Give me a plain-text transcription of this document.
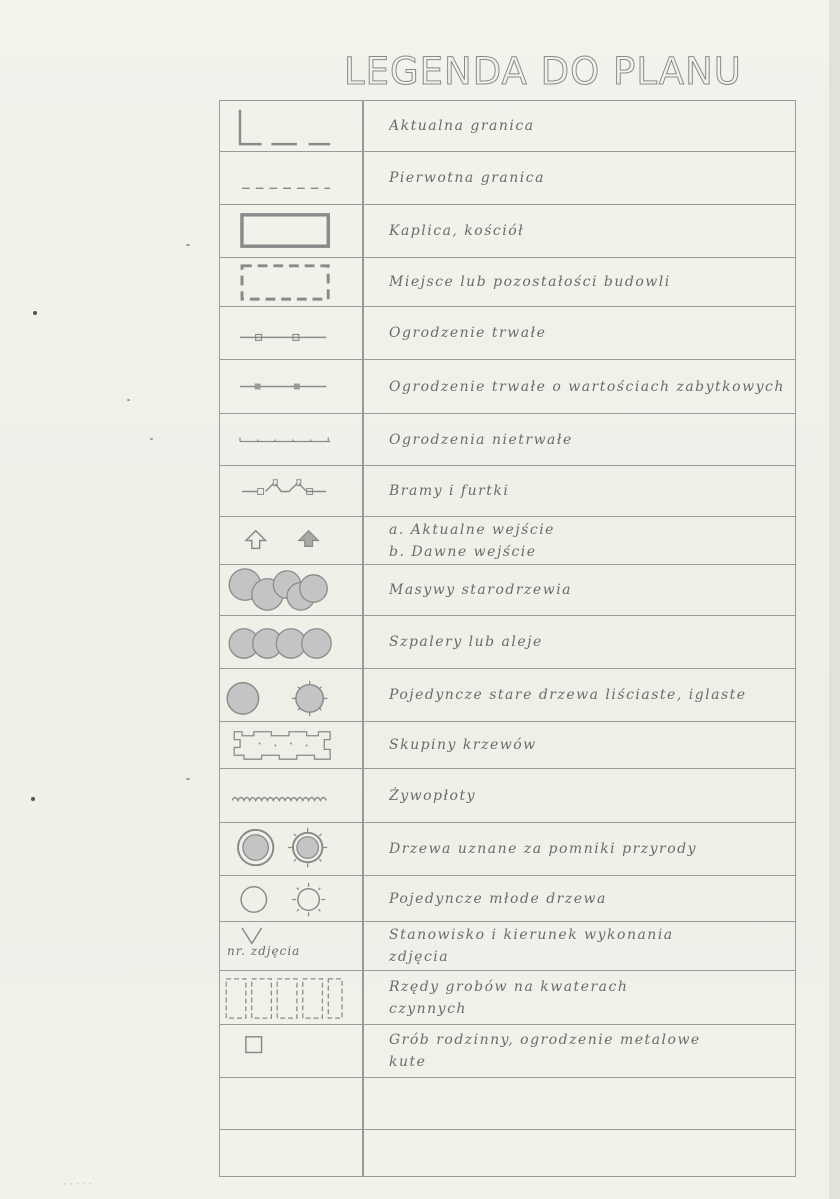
LEGENDA DO PLANU
Aktualna granica
Pierwotna granica
Kaplica, kościół
Miejsce lub pozostałości budowli
Ogrodzenie trwałe
Ogrodzenie trwałe o wartościach zabytkowych
Ogrodzenia nietrwałe
Bramy i furtki
a. Aktualne wejście
b. Dawne wejście
Masywy starodrzewia
Szpalery lub aleje
Pojedyncze stare drzewa liściaste, iglaste
Skupiny krzewów
Żywopłoty
Drzewa uznane za pomniki przyrody
Pojedyncze młode drzewa
nr. zdjęcia
Stanowisko i kierunek wykonania
zdjęcia
Rzędy grobów na kwaterach
czynnych
Grób rodzinny, ogrodzenie metalowe
kute
·····
